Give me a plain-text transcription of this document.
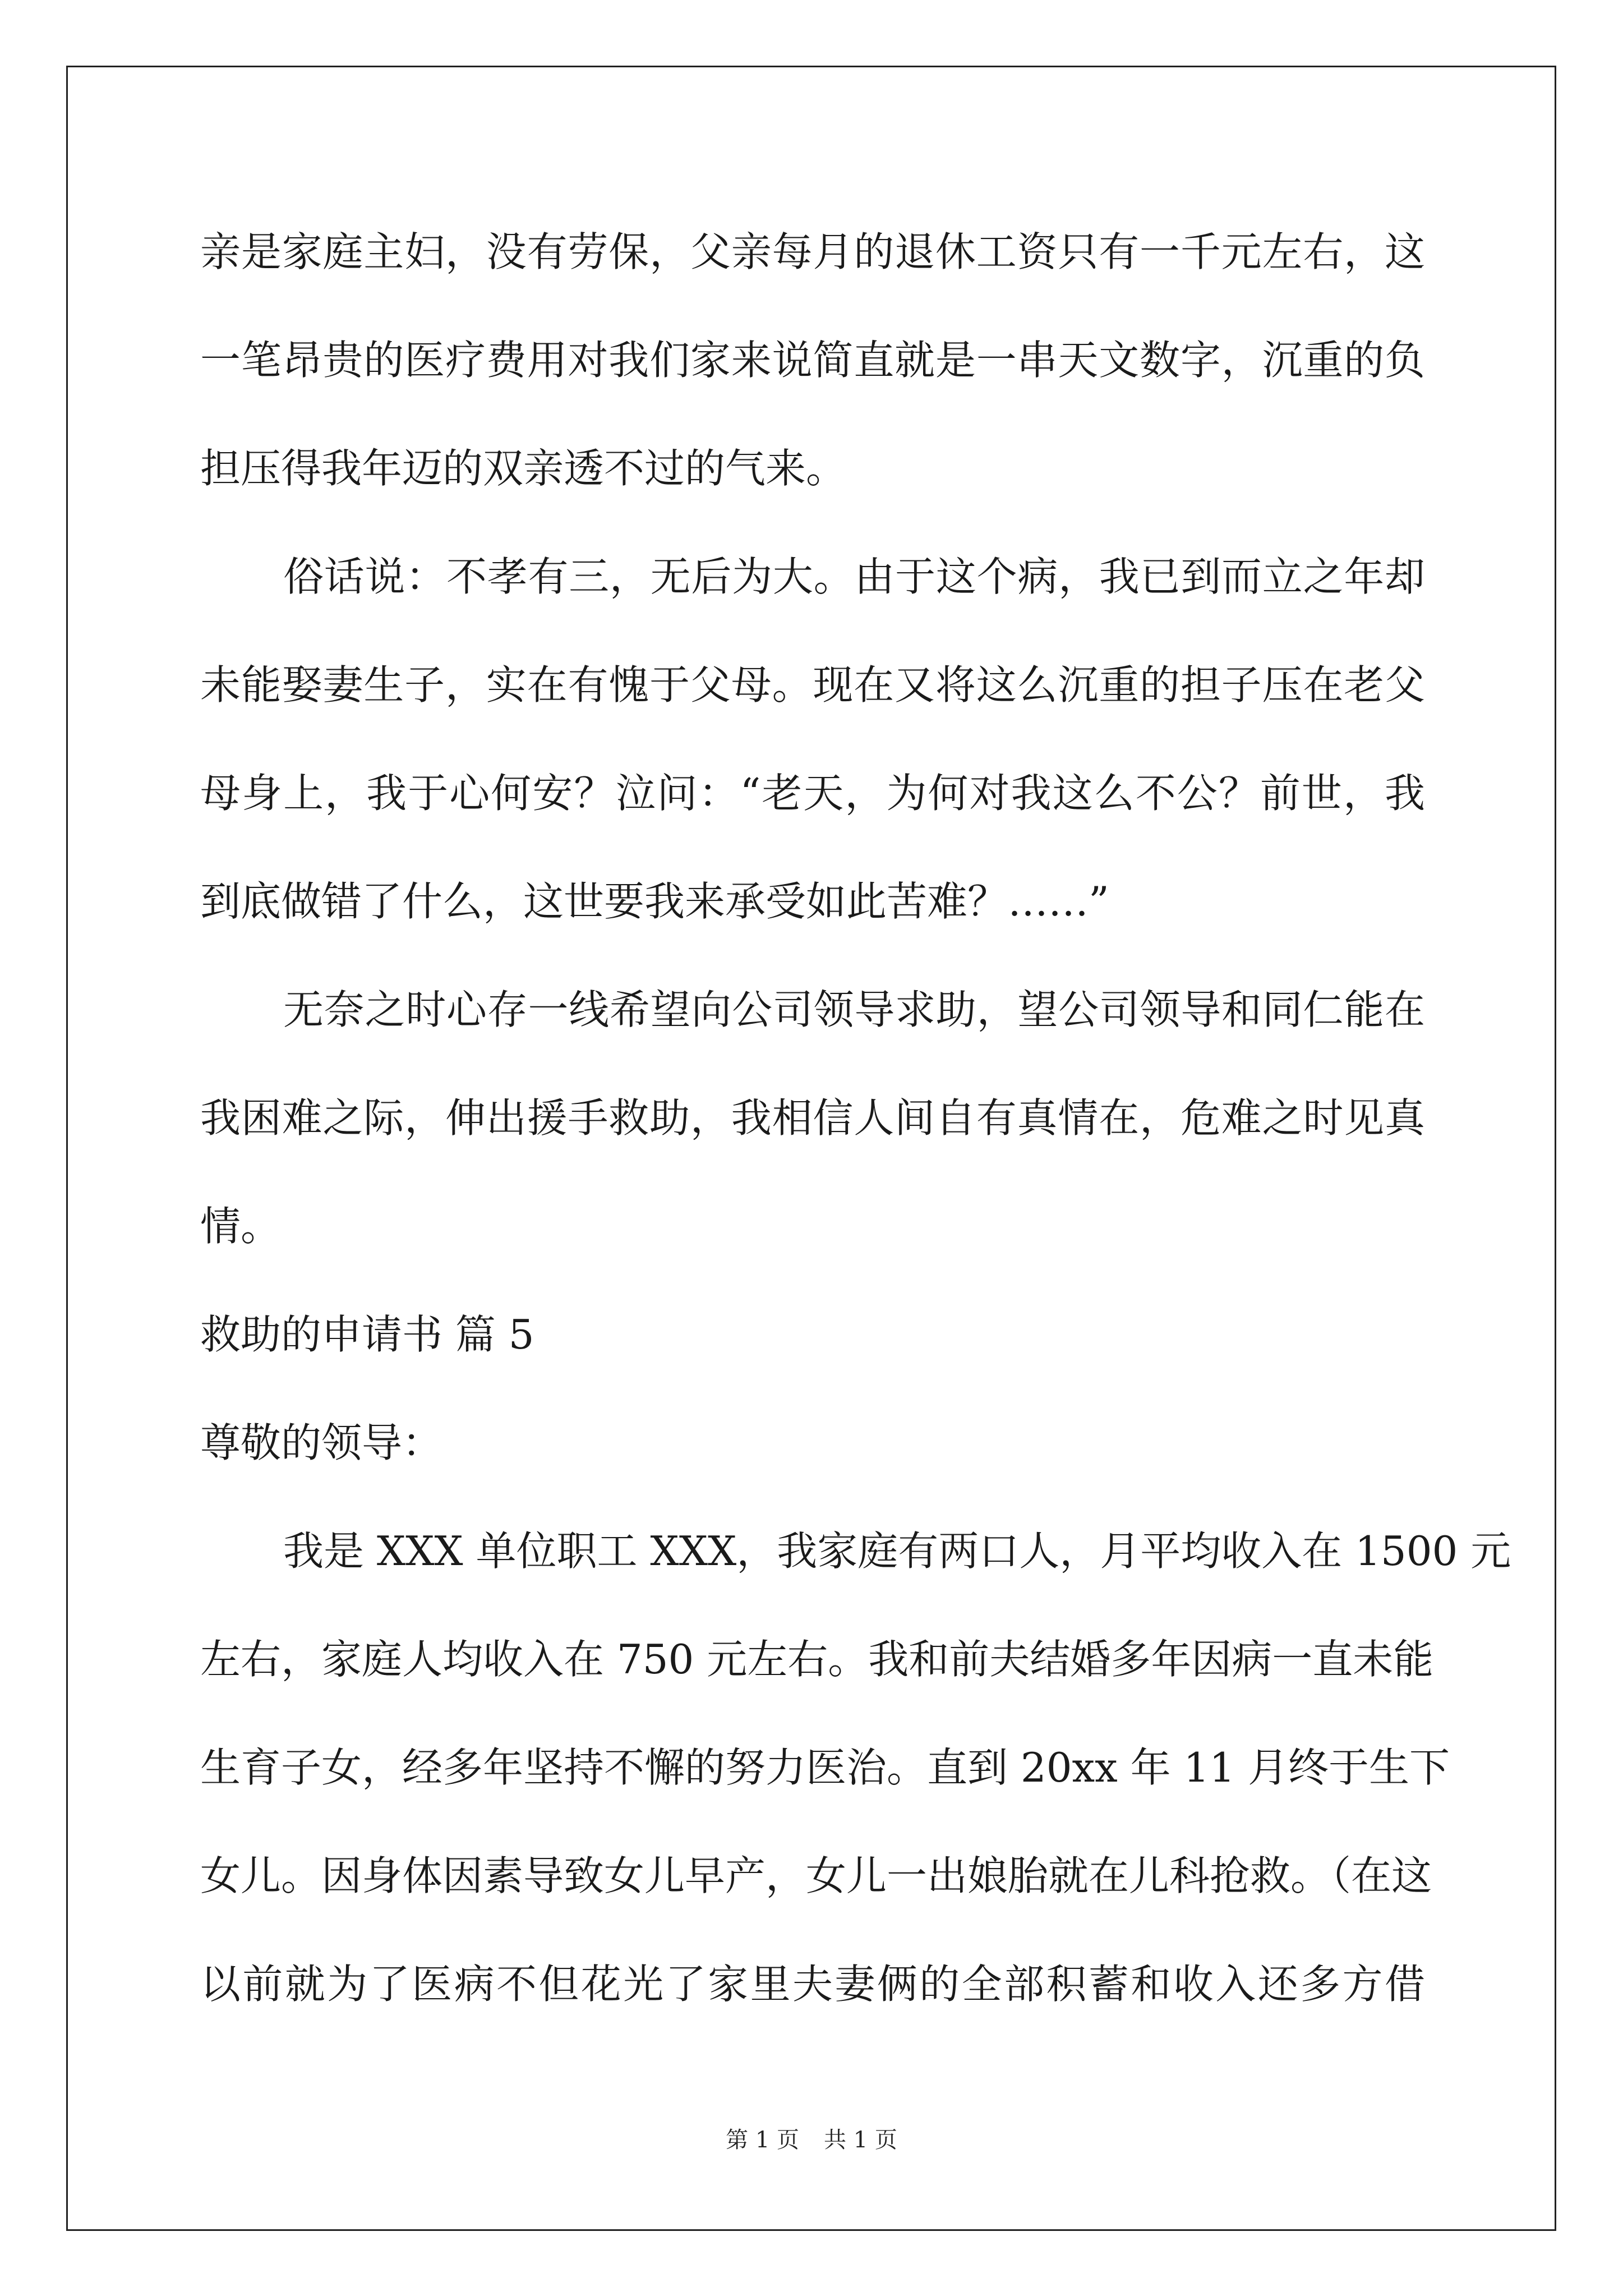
亲是家庭主妇，没有劳保，父亲每月的退休工资只有一千元左右，这
一笔昂贵的医疗费用对我们家来说简直就是一串天文数字，沉重的负
担压得我年迈的双亲透不过的气来。
俗话说：不孝有三，无后为大。由于这个病，我已到而立之年却
未能娶妻生子，实在有愧于父母。现在又将这么沉重的担子压在老父
母身上，我于心何安？泣问：“老天，为何对我这么不公？前世，我
到底做错了什么，这世要我来承受如此苦难？……”
无奈之时心存一线希望向公司领导求助，望公司领导和同仁能在
我困难之际，伸出援手救助，我相信人间自有真情在，危难之时见真
情。
救助的申请书 篇 5
尊敬的领导：
我是 XXX 单位职工 XXX，我家庭有两口人，月平均收入在 1500 元
左右，家庭人均收入在 750 元左右。我和前夫结婚多年因病一直未能
生育子女，经多年坚持不懈的努力医治。直到 20xx 年 11 月终于生下
女儿。因身体因素导致女儿早产，女儿一出娘胎就在儿科抢救。（在这
以前就为了医病不但花光了家里夫妻俩的全部积蓄和收入还多方借
第 1 页 共 1 页
